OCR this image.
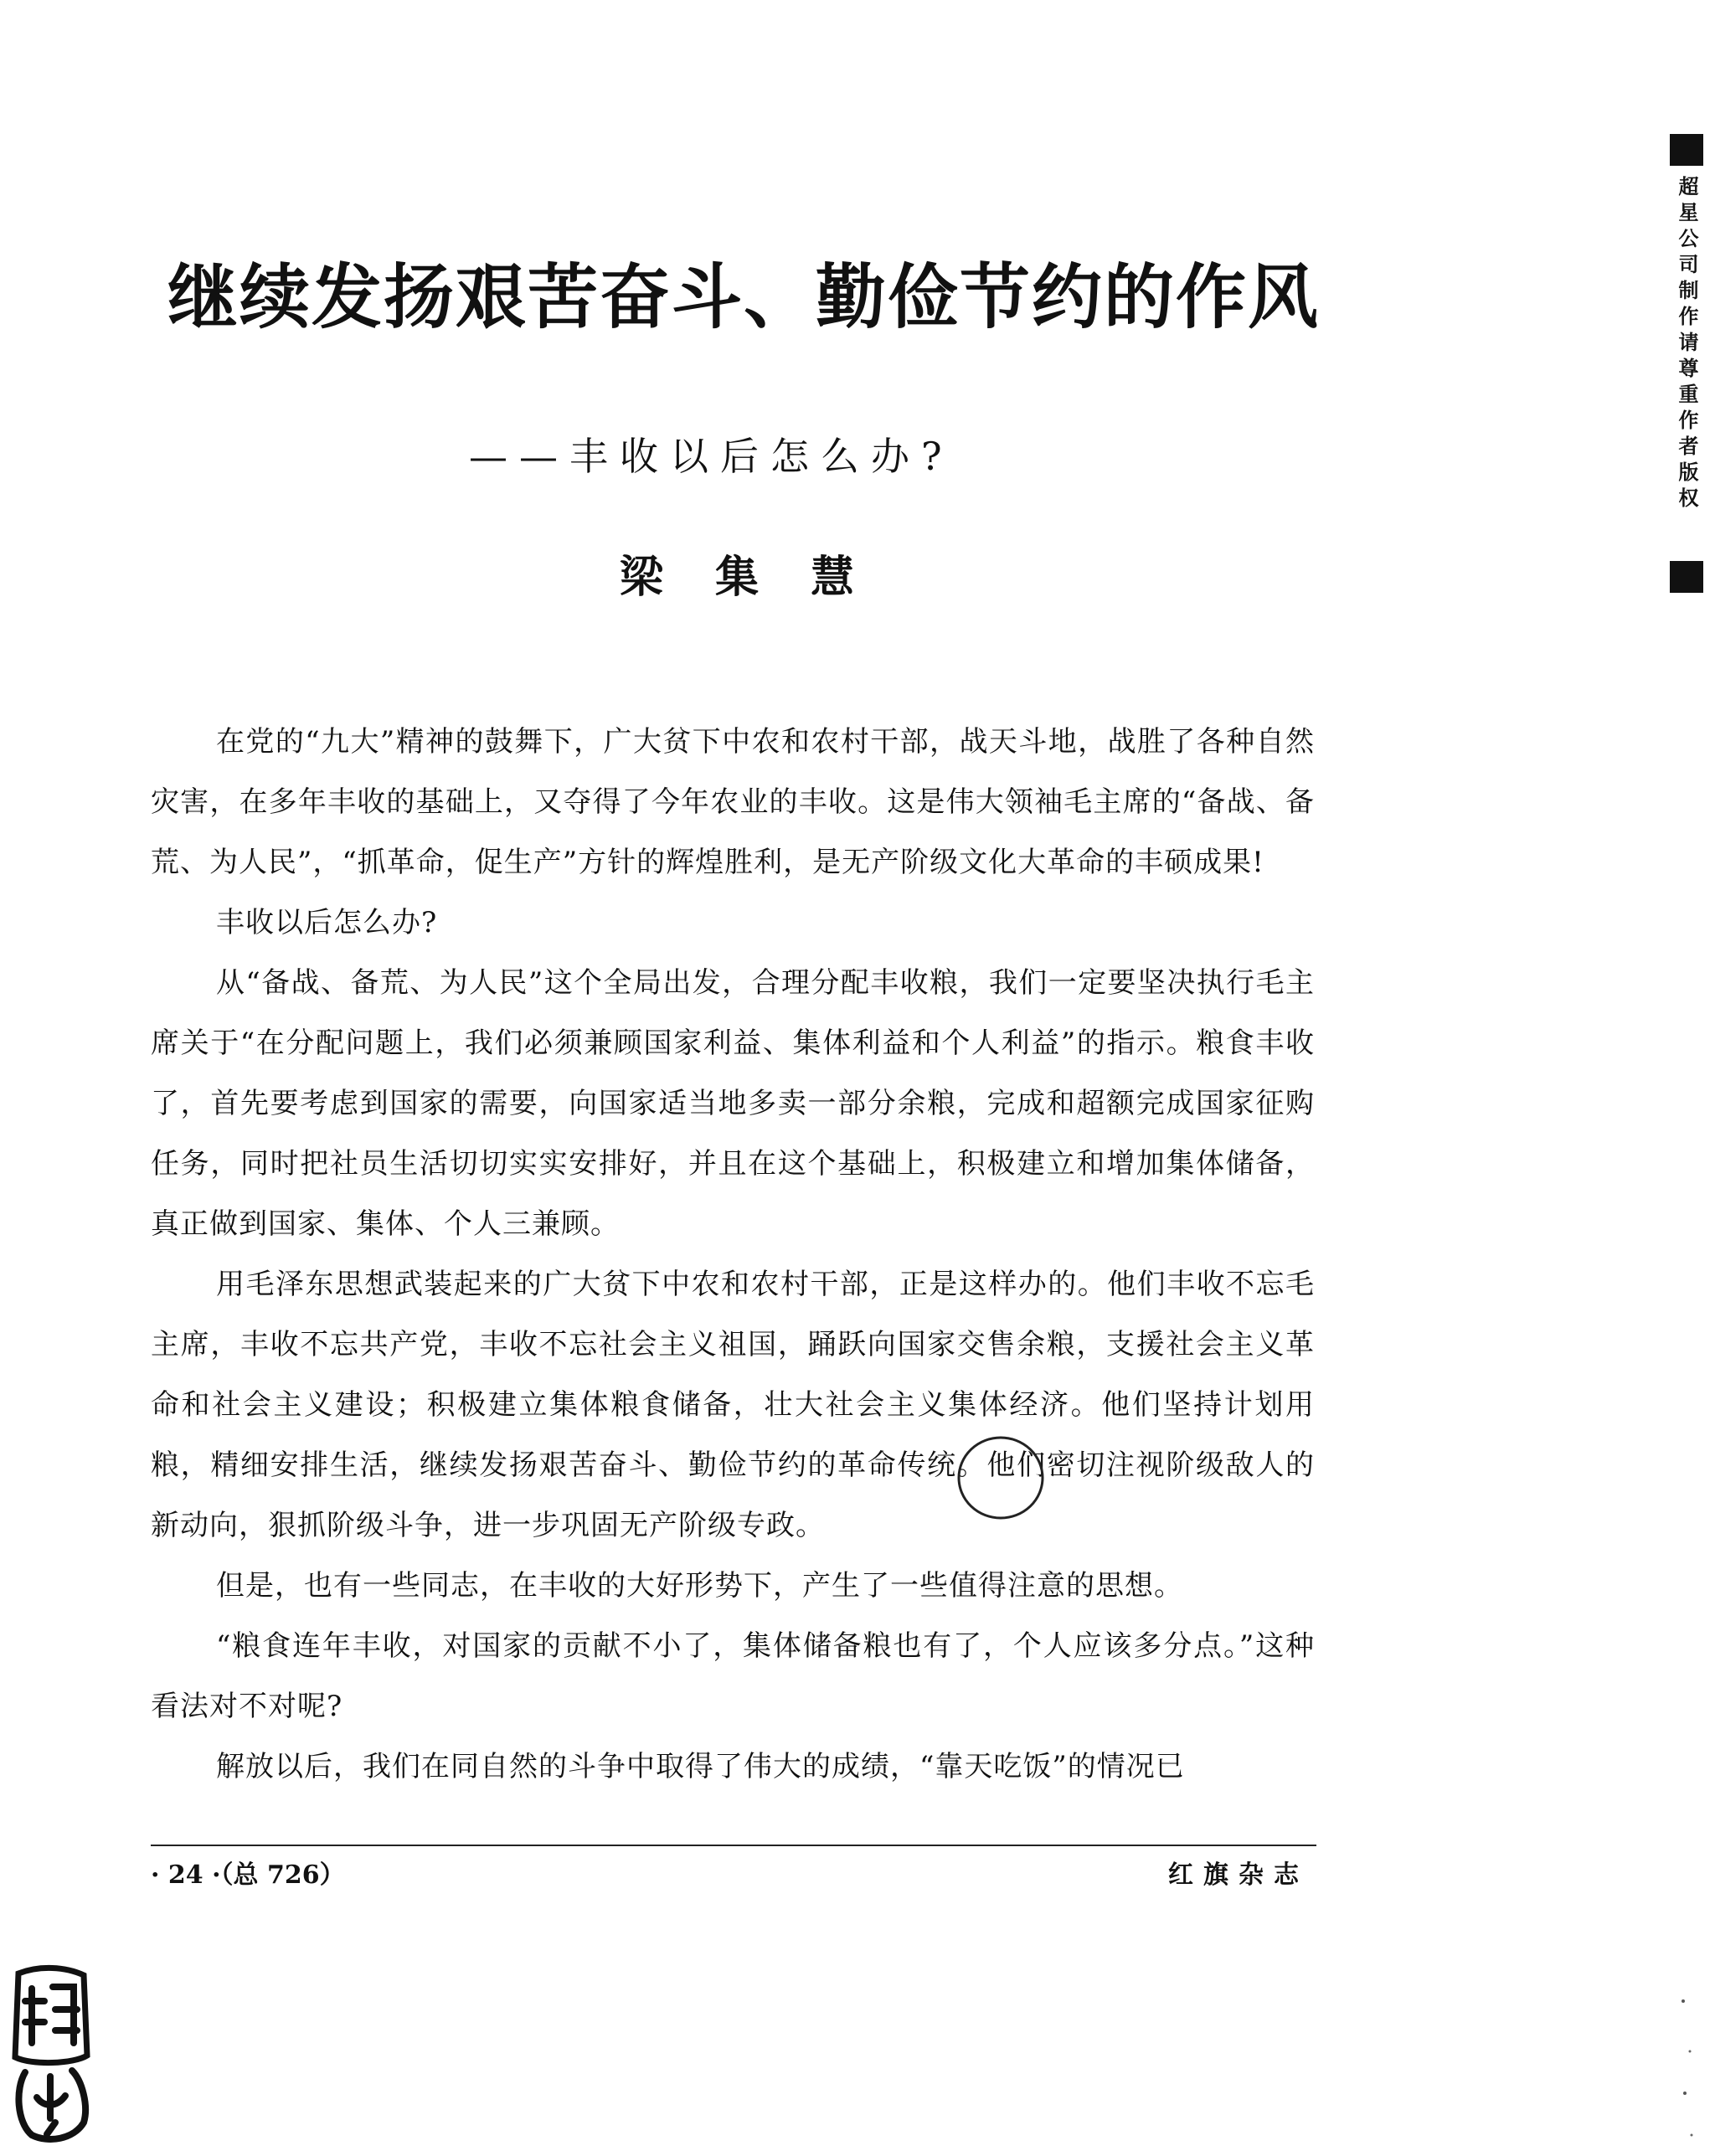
继续发扬艰苦奋斗、勤俭节约的作风
——丰收以后怎么办?
梁集慧

在党的“九大”精神的鼓舞下，广大贫下中农和农村干部，战天斗地，战胜了各种自然灾害，在多年丰收的基础上，又夺得了今年农业的丰收。这是伟大领袖毛主席的“备战、备荒、为人民”，“抓革命，促生产”方针的辉煌胜利，是无产阶级文化大革命的丰硕成果!

丰收以后怎么办?

从“备战、备荒、为人民”这个全局出发，合理分配丰收粮，我们一定要坚决执行毛主席关于“在分配问题上，我们必须兼顾国家利益、集体利益和个人利益”的指示。粮食丰收了，首先要考虑到国家的需要，向国家适当地多卖一部分余粮，完成和超额完成国家征购任务，同时把社员生活切切实实安排好，并且在这个基础上，积极建立和增加集体储备，真正做到国家、集体、个人三兼顾。

用毛泽东思想武装起来的广大贫下中农和农村干部，正是这样办的。他们丰收不忘毛主席，丰收不忘共产党，丰收不忘社会主义祖国，踊跃向国家交售余粮，支援社会主义革命和社会主义建设；积极建立集体粮食储备，壮大社会主义集体经济。他们坚持计划用粮，精细安排生活，继续发扬艰苦奋斗、勤俭节约的革命传统。他们密切注视阶级敌人的新动向，狠抓阶级斗争，进一步巩固无产阶级专政。

但是，也有一些同志，在丰收的大好形势下，产生了一些值得注意的思想。

“粮食连年丰收，对国家的贡献不小了，集体储备粮也有了，个人应该多分点。”这种看法对不对呢?

解放以后，我们在同自然的斗争中取得了伟大的成绩，“靠天吃饭”的情况已

· 24 ·（总 726）	红旗杂志
超星公司制作请尊重作者版权
